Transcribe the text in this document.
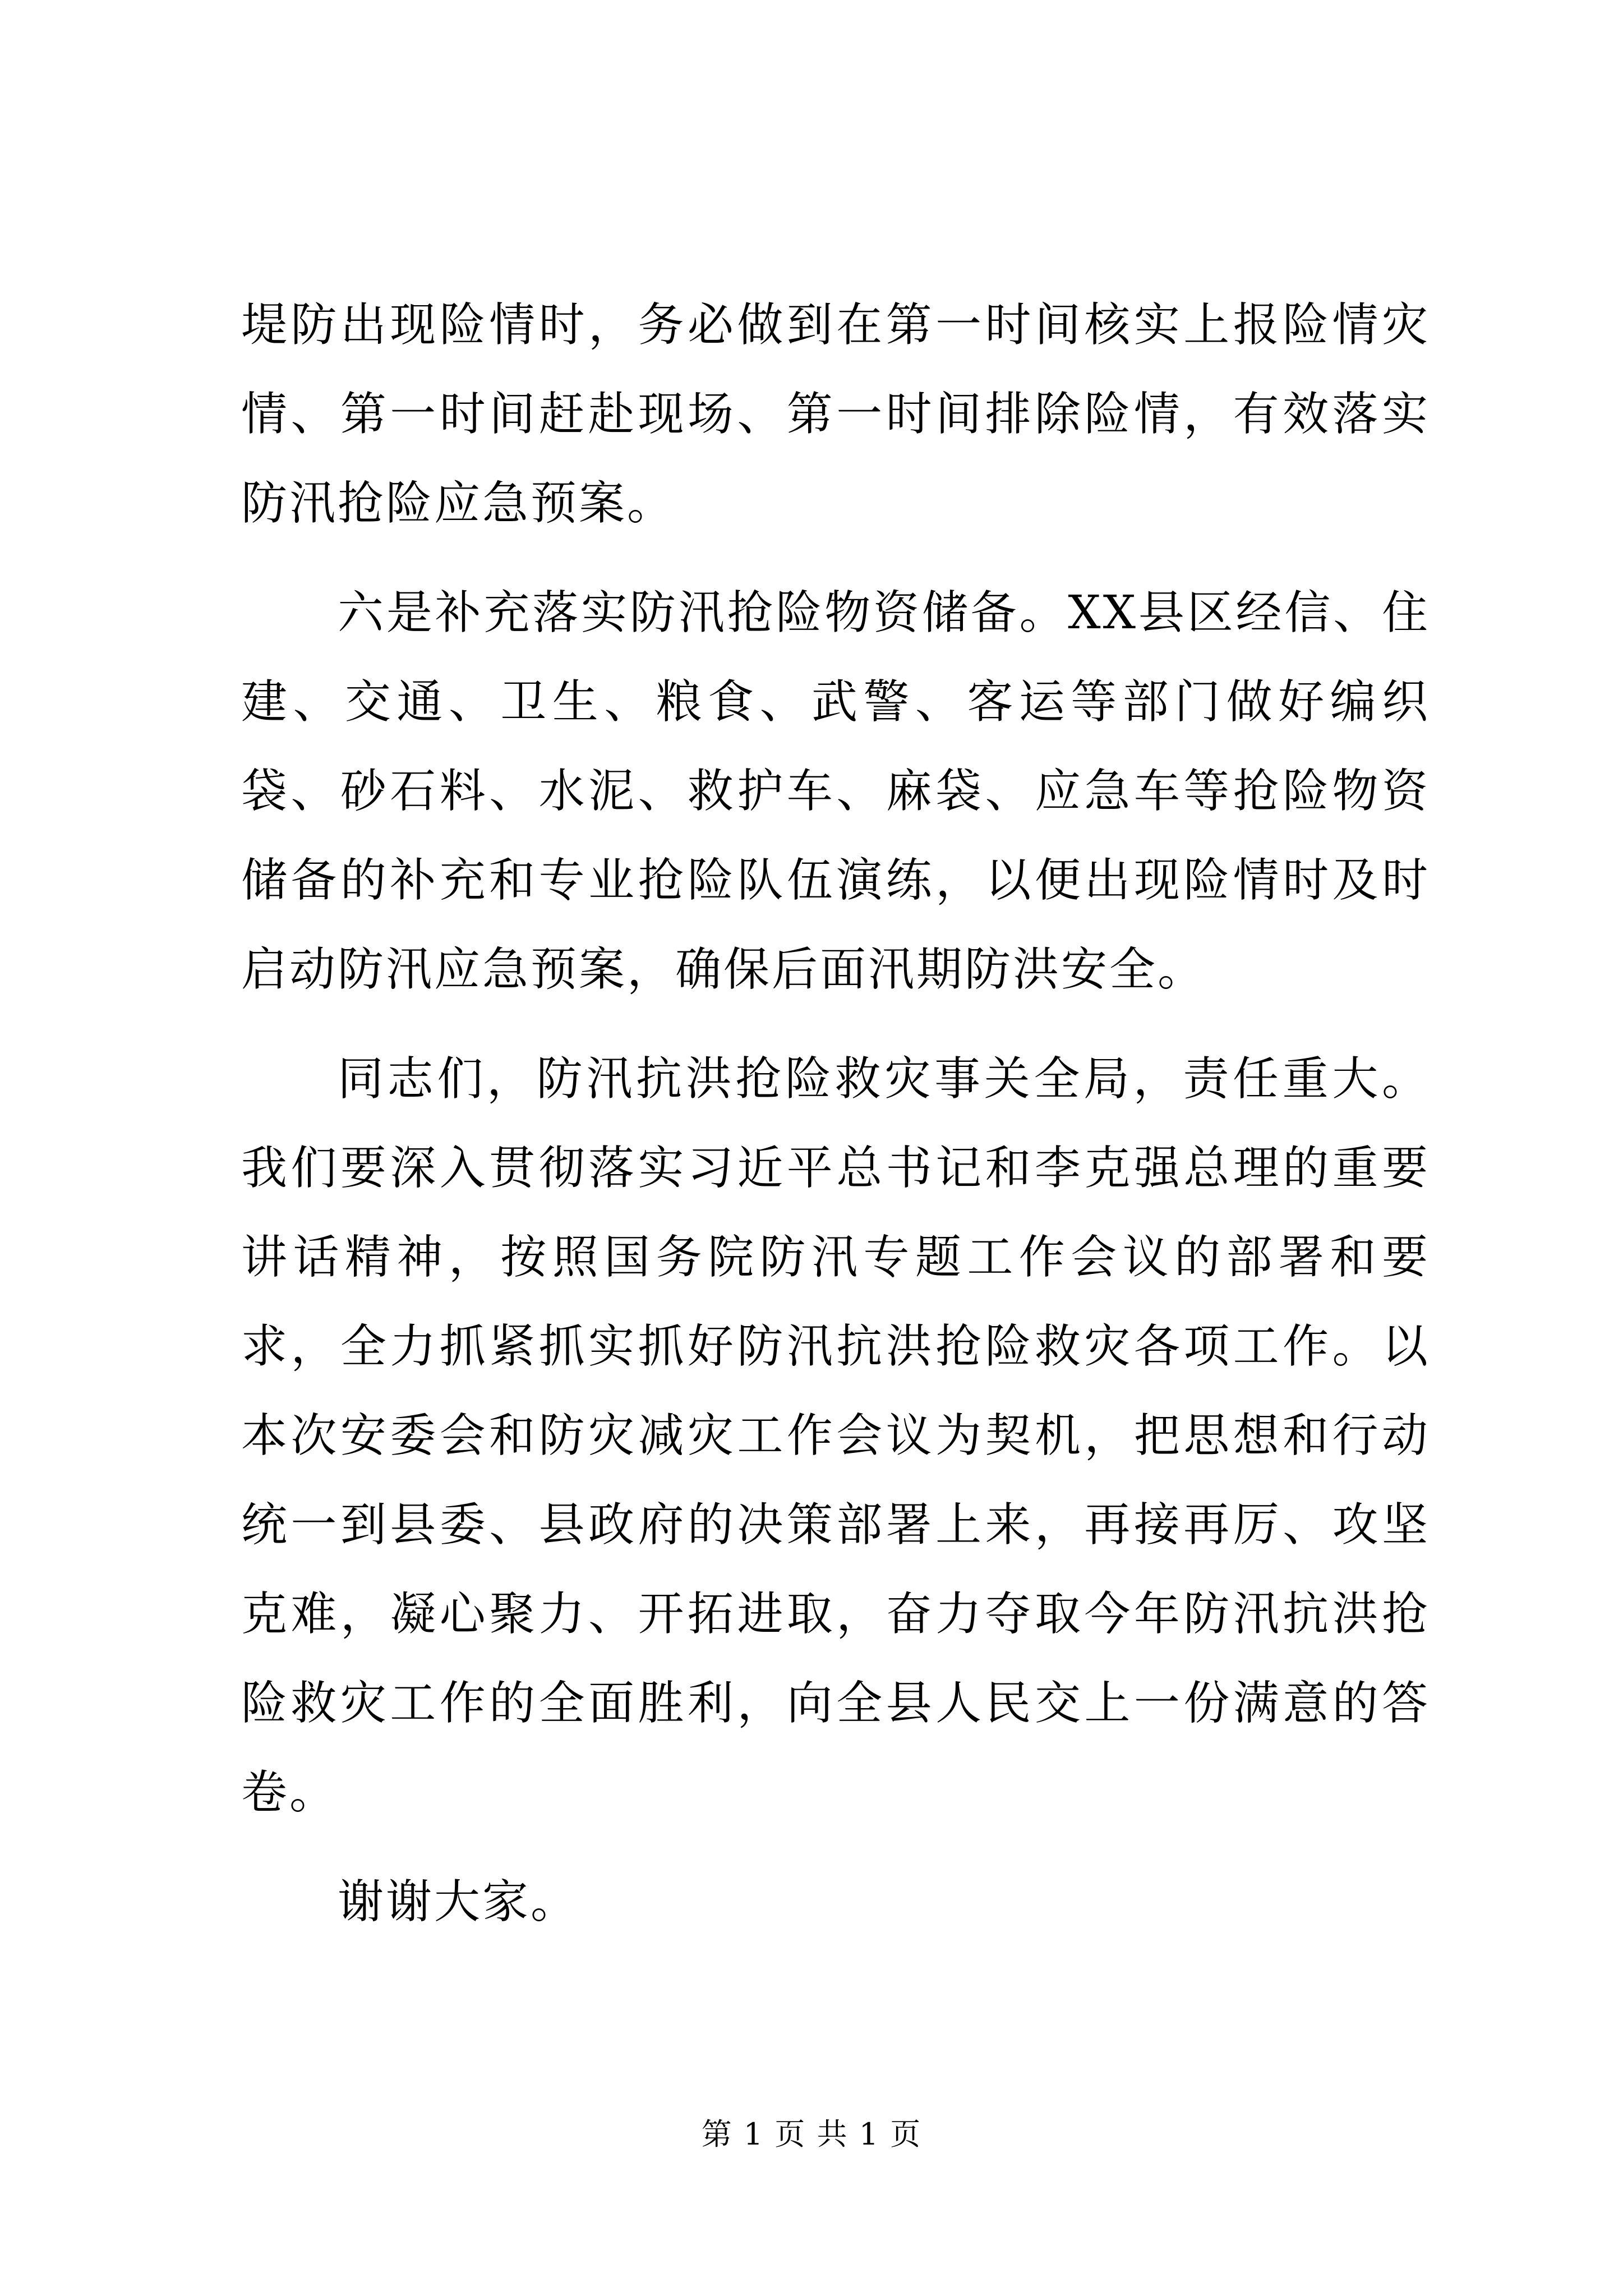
堤防出现险情时，务必做到在第一时间核实上报险情灾情、第一时间赶赴现场、第一时间排除险情，有效落实防汛抢险应急预案。

六是补充落实防汛抢险物资储备。XX县区经信、住建、交通、卫生、粮食、武警、客运等部门做好编织袋、砂石料、水泥、救护车、麻袋、应急车等抢险物资储备的补充和专业抢险队伍演练，以便出现险情时及时启动防汛应急预案，确保后面汛期防洪安全。

同志们，防汛抗洪抢险救灾事关全局，责任重大。我们要深入贯彻落实习近平总书记和李克强总理的重要讲话精神，按照国务院防汛专题工作会议的部署和要求，全力抓紧抓实抓好防汛抗洪抢险救灾各项工作。以本次安委会和防灾减灾工作会议为契机，把思想和行动统一到县委、县政府的决策部署上来，再接再厉、攻坚克难，凝心聚力、开拓进取，奋力夺取今年防汛抗洪抢险救灾工作的全面胜利，向全县人民交上一份满意的答卷。

谢谢大家。

第 1 页 共 1 页
